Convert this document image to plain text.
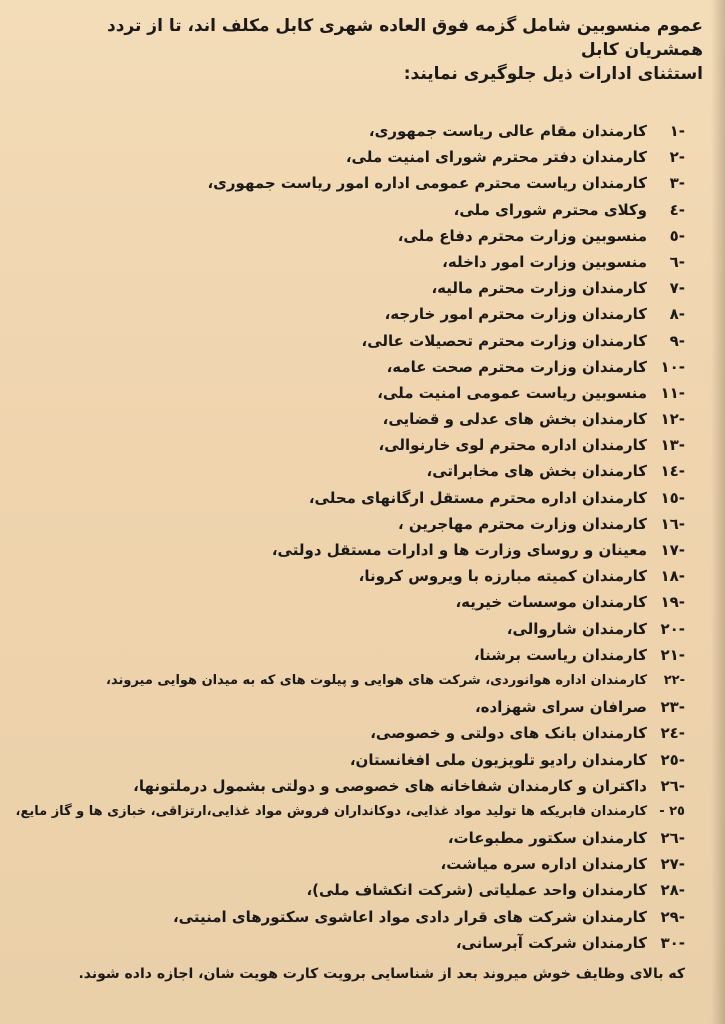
عموم منسوبین شامل گزمه فوق العاده شهری کابل مکلف اند، تا از تردد همشریان کابل

استثنای ادارات ذیل جلوگیری نمایند:

-١
کارمندان مقام عالی ریاست جمهوری،
-٢
کارمندان دفتر محترم شورای امنیت ملی،
-٣
کارمندان ریاست محترم عمومی اداره امور ریاست جمهوری،
-٤
وکلای محترم شورای ملی،
-٥
منسوبین وزارت محترم دفاع ملی،
-٦
منسوبین وزارت امور داخله،
-٧
کارمندان وزارت محترم مالیه،
-٨
کارمندان وزارت محترم امور خارجه،
-٩
کارمندان وزارت محترم تحصیلات عالی،
-١٠
کارمندان وزارت محترم صحت عامه،
-١١
منسوبین ریاست عمومی امنیت ملی،
-١٢
کارمندان بخش های عدلی و قضایی،
-١٣
کارمندان اداره محترم لوی خارنوالی،
-١٤
کارمندان بخش های مخابراتی،
-١٥
کارمندان اداره محترم مستقل ارگانهای محلی،
-١٦
کارمندان وزارت محترم مهاجرین ،
-١٧
معینان و روسای وزارت ها و ادارات مستقل دولتی،
-١٨
کارمندان کمیته مبارزه با ویروس کرونا،
-١٩
کارمندان موسسات خیریه،
-٢٠
کارمندان شاروالی،
-٢١
کارمندان ریاست برشنا،
-٢٢
کارمندان اداره هوانوردی، شرکت های هوایی و پیلوت های که به میدان هوایی میروند،
-٢٣
صرافان سرای شهزاده،
-٢٤
کارمندان بانک های دولتی و خصوصی،
-٢٥
کارمندان رادیو تلویزیون ملی افغانستان،
-٢٦
داکتران و کارمندان شفاخانه های خصوصی و دولتی بشمول درملتونها،
٢٥ -
کارمندان فابریکه ها تولید مواد غذایی، دوکانداران فروش مواد غذایی،ارتزاقی، خبازی ها و گاز مایع،
-٢٦
کارمندان سکتور مطبوعات،
-٢٧
کارمندان اداره سره میاشت،
-٢٨
کارمندان واحد عملیاتی (شرکت انکشاف ملی)،
-٢٩
کارمندان شرکت های قرار دادی مواد اعاشوی سکتورهای امنیتی،
-٣٠
کارمندان شرکت آبرسانی،
که بالای وظایف خوش میروند بعد از شناسایی برویت کارت هویت شان، اجازه داده شوند.
